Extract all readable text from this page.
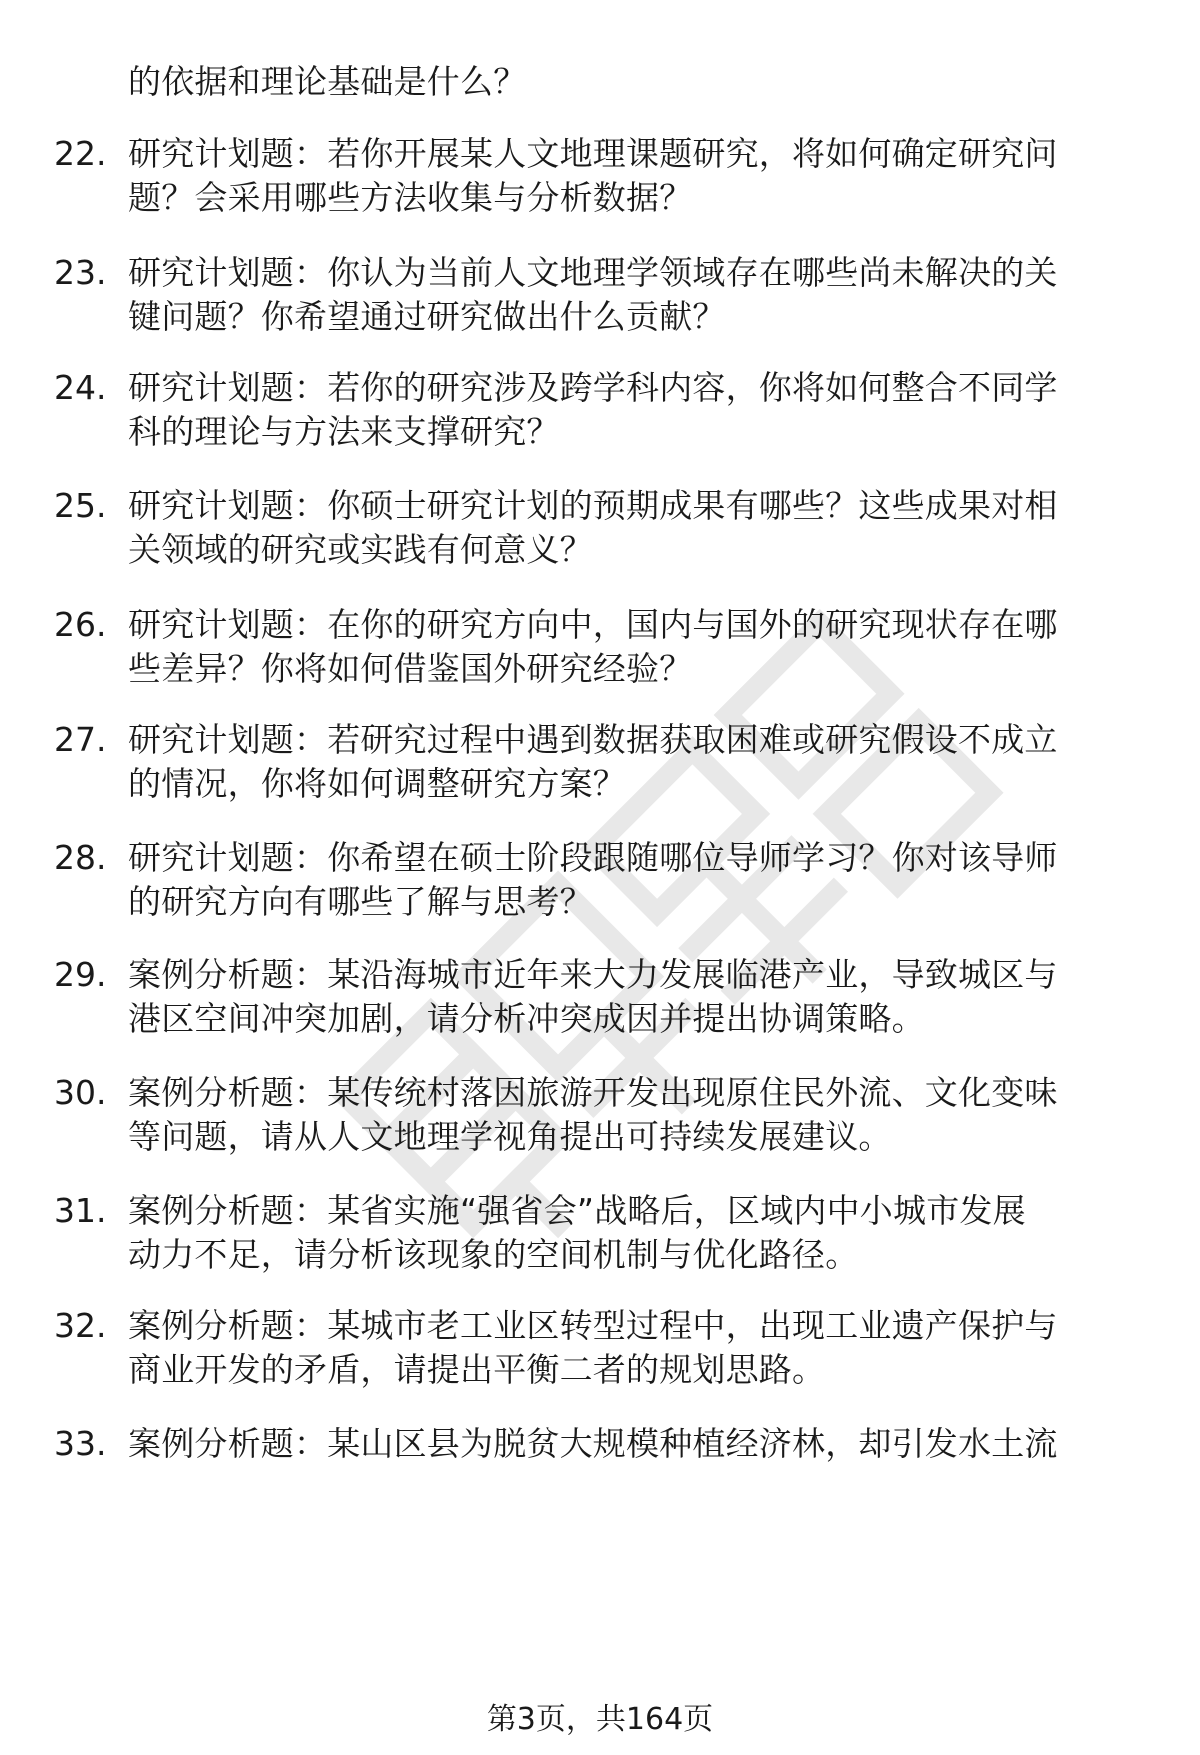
的依据和理论基础是什么？
22. 研究计划题：若你开展某人文地理课题研究，将如何确定研究问
题？会采用哪些方法收集与分析数据？
23. 研究计划题：你认为当前人文地理学领域存在哪些尚未解决的关
键问题？你希望通过研究做出什么贡献？
24. 研究计划题：若你的研究涉及跨学科内容，你将如何整合不同学
科的理论与方法来支撑研究？
25. 研究计划题：你硕士研究计划的预期成果有哪些？这些成果对相
关领域的研究或实践有何意义？
26. 研究计划题：在你的研究方向中，国内与国外的研究现状存在哪
些差异？你将如何借鉴国外研究经验？
27. 研究计划题：若研究过程中遇到数据获取困难或研究假设不成立
的情况，你将如何调整研究方案？
28. 研究计划题：你希望在硕士阶段跟随哪位导师学习？你对该导师
的研究方向有哪些了解与思考？
29. 案例分析题：某沿海城市近年来大力发展临港产业，导致城区与
港区空间冲突加剧，请分析冲突成因并提出协调策略。
30. 案例分析题：某传统村落因旅游开发出现原住民外流、文化变味
等问题，请从人文地理学视角提出可持续发展建议。
31. 案例分析题：某省实施“强省会”战略后，区域内中小城市发展
动力不足，请分析该现象的空间机制与优化路径。
32. 案例分析题：某城市老工业区转型过程中，出现工业遗产保护与
商业开发的矛盾，请提出平衡二者的规划思路。
33. 案例分析题：某山区县为脱贫大规模种植经济林，却引发水土流
第3页，共164页
